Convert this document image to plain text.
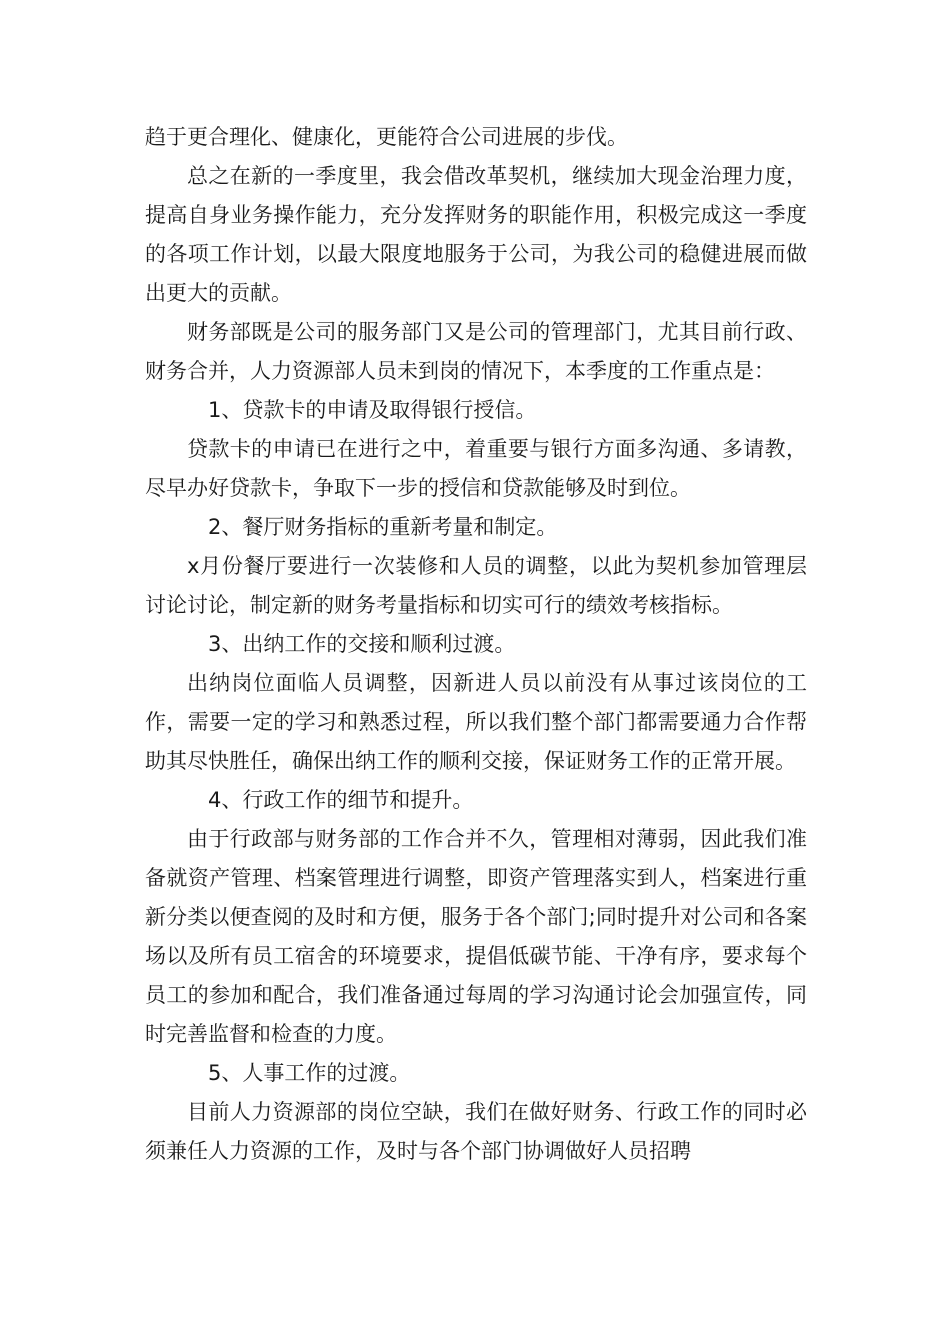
趋于更合理化、健康化，更能符合公司进展的步伐。

总之在新的一季度里，我会借改革契机，继续加大现金治理力度，提高自身业务操作能力，充分发挥财务的职能作用，积极完成这一季度的各项工作计划，以最大限度地服务于公司，为我公司的稳健进展而做出更大的贡献。

财务部既是公司的服务部门又是公司的管理部门，尤其目前行政、财务合并，人力资源部人员未到岗的情况下，本季度的工作重点是：

1、贷款卡的申请及取得银行授信。

贷款卡的申请已在进行之中，着重要与银行方面多沟通、多请教，尽早办好贷款卡，争取下一步的授信和贷款能够及时到位。

2、餐厅财务指标的重新考量和制定。

x月份餐厅要进行一次装修和人员的调整，以此为契机参加管理层讨论讨论，制定新的财务考量指标和切实可行的绩效考核指标。

3、出纳工作的交接和顺利过渡。

出纳岗位面临人员调整，因新进人员以前没有从事过该岗位的工作，需要一定的学习和熟悉过程，所以我们整个部门都需要通力合作帮助其尽快胜任，确保出纳工作的顺利交接，保证财务工作的正常开展。

4、行政工作的细节和提升。

由于行政部与财务部的工作合并不久，管理相对薄弱，因此我们准备就资产管理、档案管理进行调整，即资产管理落实到人，档案进行重新分类以便查阅的及时和方便，服务于各个部门;同时提升对公司和各案场以及所有员工宿舍的环境要求，提倡低碳节能、干净有序，要求每个员工的参加和配合，我们准备通过每周的学习沟通讨论会加强宣传，同时完善监督和检查的力度。

5、人事工作的过渡。

目前人力资源部的岗位空缺，我们在做好财务、行政工作的同时必须兼任人力资源的工作，及时与各个部门协调做好人员招聘
